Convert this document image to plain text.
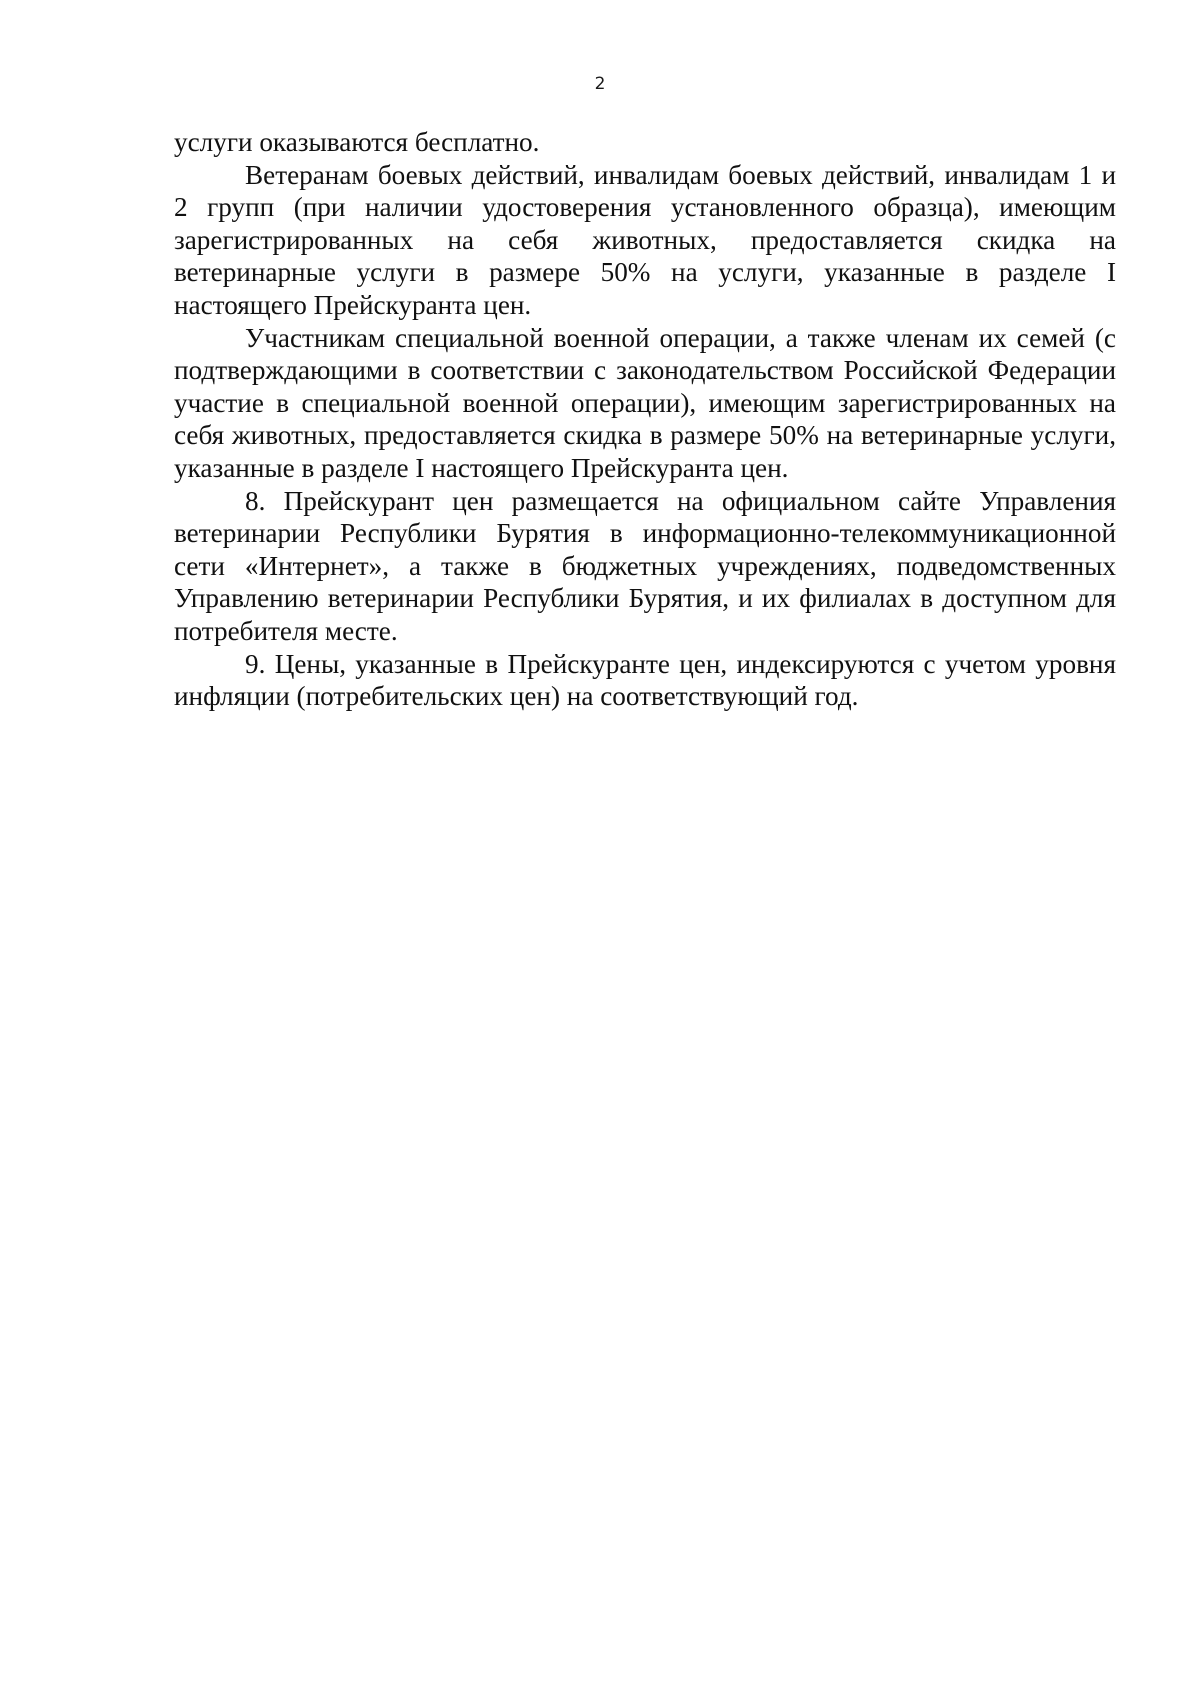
2

услуги оказываются бесплатно.

Ветеранам боевых действий, инвалидам боевых действий, инвалидам 1 и 2 групп (при наличии удостоверения установленного образца), имеющим зарегистрированных на себя животных, предоставляется скидка на ветеринарные услуги в размере 50% на услуги, указанные в разделе I настоящего Прейскуранта цен.

Участникам специальной военной операции, а также членам их семей (с подтверждающими в соответствии с законодательством Российской Федерации участие в специальной военной операции), имеющим зарегистрированных на себя животных, предоставляется скидка в размере 50% на ветеринарные услуги, указанные в разделе I настоящего Прейскуранта цен.

8. Прейскурант цен размещается на официальном сайте Управления ветеринарии Республики Бурятия в информационно-телекоммуникационной сети «Интернет», а также в бюджетных учреждениях, подведомственных Управлению ветеринарии Республики Бурятия, и их филиалах в доступном для потребителя месте.

9. Цены, указанные в Прейскуранте цен, индексируются с учетом уровня инфляции (потребительских цен) на соответствующий год.
